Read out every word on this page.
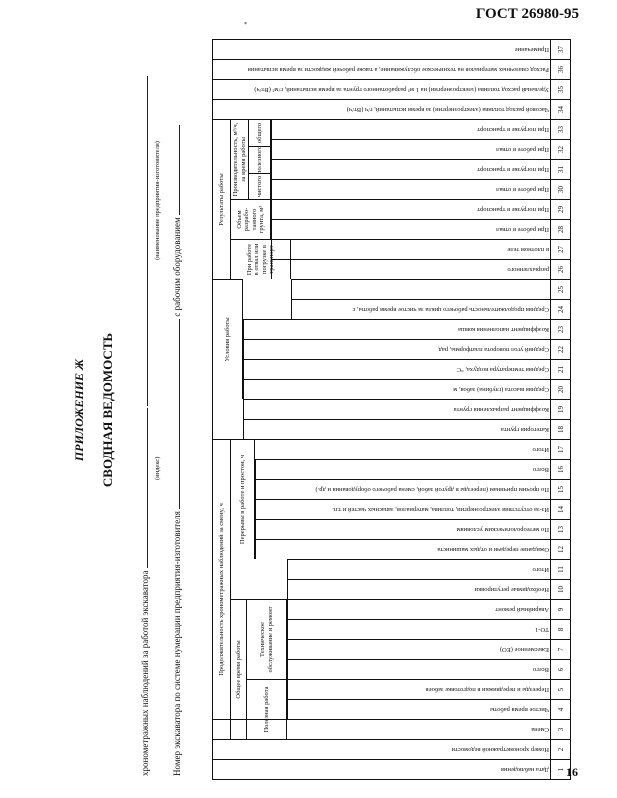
ГОСТ 26980-95
*
16
ПРИЛОЖЕНИЕ Ж СВОДНАЯ ВЕДОМОСТЬ
хронометражных наблюдений за работой экскаватора
(индекс)
(наименование предприятия-изготовителя)
Номер экскаватора по системе нумерации предприятия-изготовителя  с рабочим оборудованием
Продолжительность хронометражных наблюдений за смену, ч	Общее время работы
Полезная работа
Техническое обслуживание и ремонт
Перерывы в работе и простои, ч
Условия работы
Результаты работы
При работе в отвал или погрузке в транспорт
Объем разрабо-танного грунта, м³
Производительность, м³/ч, за время работы
чистого
полезного
общего
Дата наблюдения	1
Номер хронометражной ведомости	2
Смена	3
Чистое время работы	4
Переезды и передвижки в подготовке забоев	5
Всего	6
Ежесменное (ЕО)	7
ТО-1	8
Аварийный ремонт	9
Необходимые регулировки	10
Итого	11
Ожидание передачи и отдых машиниста	12
По метеорологическим условиям	13
Из-за отсутствия электроэнергии, топлива, материалов, запасных частей и т.п.	14
По прочим причинам (переезды в другой забой, смена рабочего оборудования и др.)	15
Всего	16
Итого	17
Категория грунта	18
Коэффициент разрыхления грунта	19
Средняя высота (глубина) забоя, м	20
Средняя температура воздуха, °С	21
Средний угол поворота платформы, рад	22
Коэффициент наполнения ковша	23
Средняя продолжительность рабочего цикла за чистое время работы, с	24
25
разрыхленного	26
в плотном теле	27
При работе в отвал	28
При погрузке в транспорт	29
При работе в отвал	30
При погрузке в транспорт	31
При работе в отвал	32
При погрузке в транспорт	33
Часовой расход топлива (электроэнергии) за время испытаний, г/ч (Вт/ч)	34
Удельный расход топлива (электроэнергии) на 1 м³ разработанного грунта за время испытаний, г/м³ (Вт/ч)	35
Расход смазочных материалов на техническое обслуживание, а также рабочей жидкости за время испытания	36
Примечание	37
